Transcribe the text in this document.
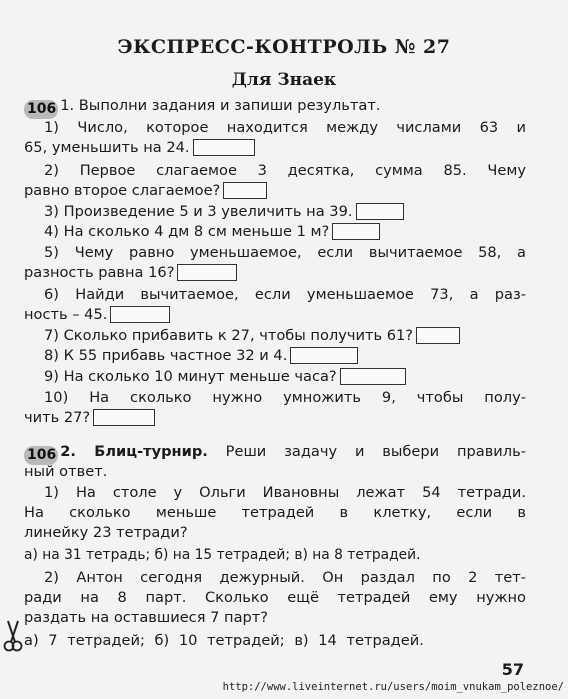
ЭКСПРЕСС-КОНТРОЛЬ № 27
Для Знаек
106 1. Выполни задания и запиши результат.
1) Число, которое находится между числами 63 и
65, уменьшить на 24.
2) Первое слагаемое 3 десятка, сумма 85. Чему
равно второе слагаемое?
3) Произведение 5 и 3 увеличить на 39.
4) На сколько 4 дм 8 см меньше 1 м?
5) Чему равно уменьшаемое, если вычитаемое 58, а
разность равна 16?
6) Найди вычитаемое, если уменьшаемое 73, а раз-
ность – 45.
7) Сколько прибавить к 27, чтобы получить 61?
8) К 55 прибавь частное 32 и 4.
9) На сколько 10 минут меньше часа?
10) На сколько нужно умножить 9, чтобы полу-
чить 27?
106 2. Блиц-турнир. Реши задачу и выбери правиль-
ный ответ.
1) На столе у Ольги Ивановны лежат 54 тетради.
На сколько меньше тетрадей в клетку, если в
линейку 23 тетради?
а) на 31 тетрадь; б) на 15 тетрадей; в) на 8 тетрадей.
2) Антон сегодня дежурный. Он раздал по 2 тет-
ради на 8 парт. Сколько ещё тетрадей ему нужно
раздать на оставшиеся 7 парт?
а) 7 тетрадей; б) 10 тетрадей; в) 14 тетрадей.
57
http://www.liveinternet.ru/users/moim_vnukam_poleznoe/
